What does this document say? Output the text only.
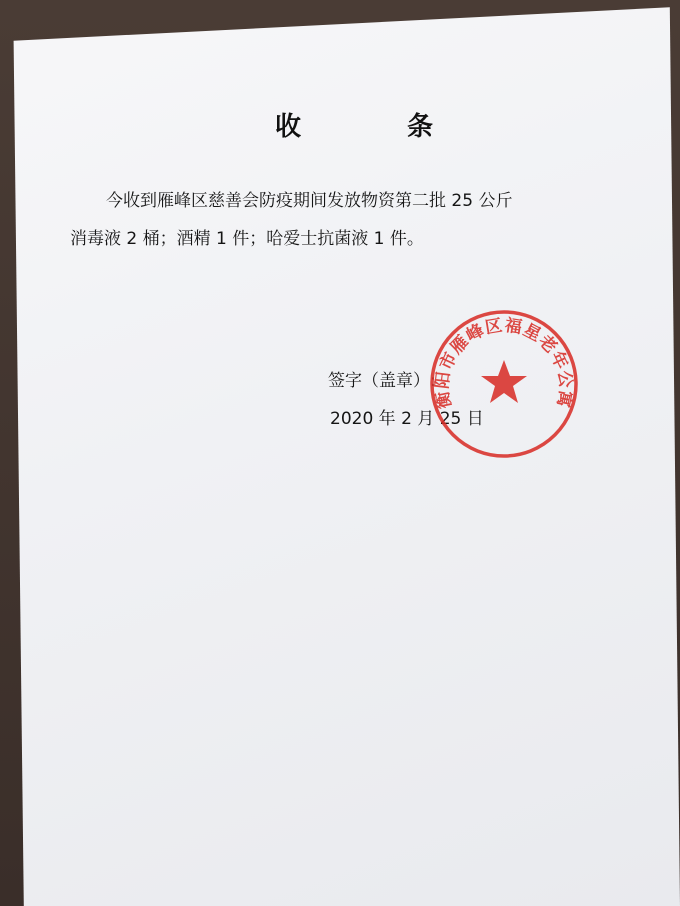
收　条
今收到雁峰区慈善会防疫期间发放物资第二批 25 公斤
消毒液 2 桶；酒精 1 件；哈爱士抗菌液 1 件。
签字（盖章）:
2020 年 2 月 25 日
衡阳市雁峰区福星老年公寓
